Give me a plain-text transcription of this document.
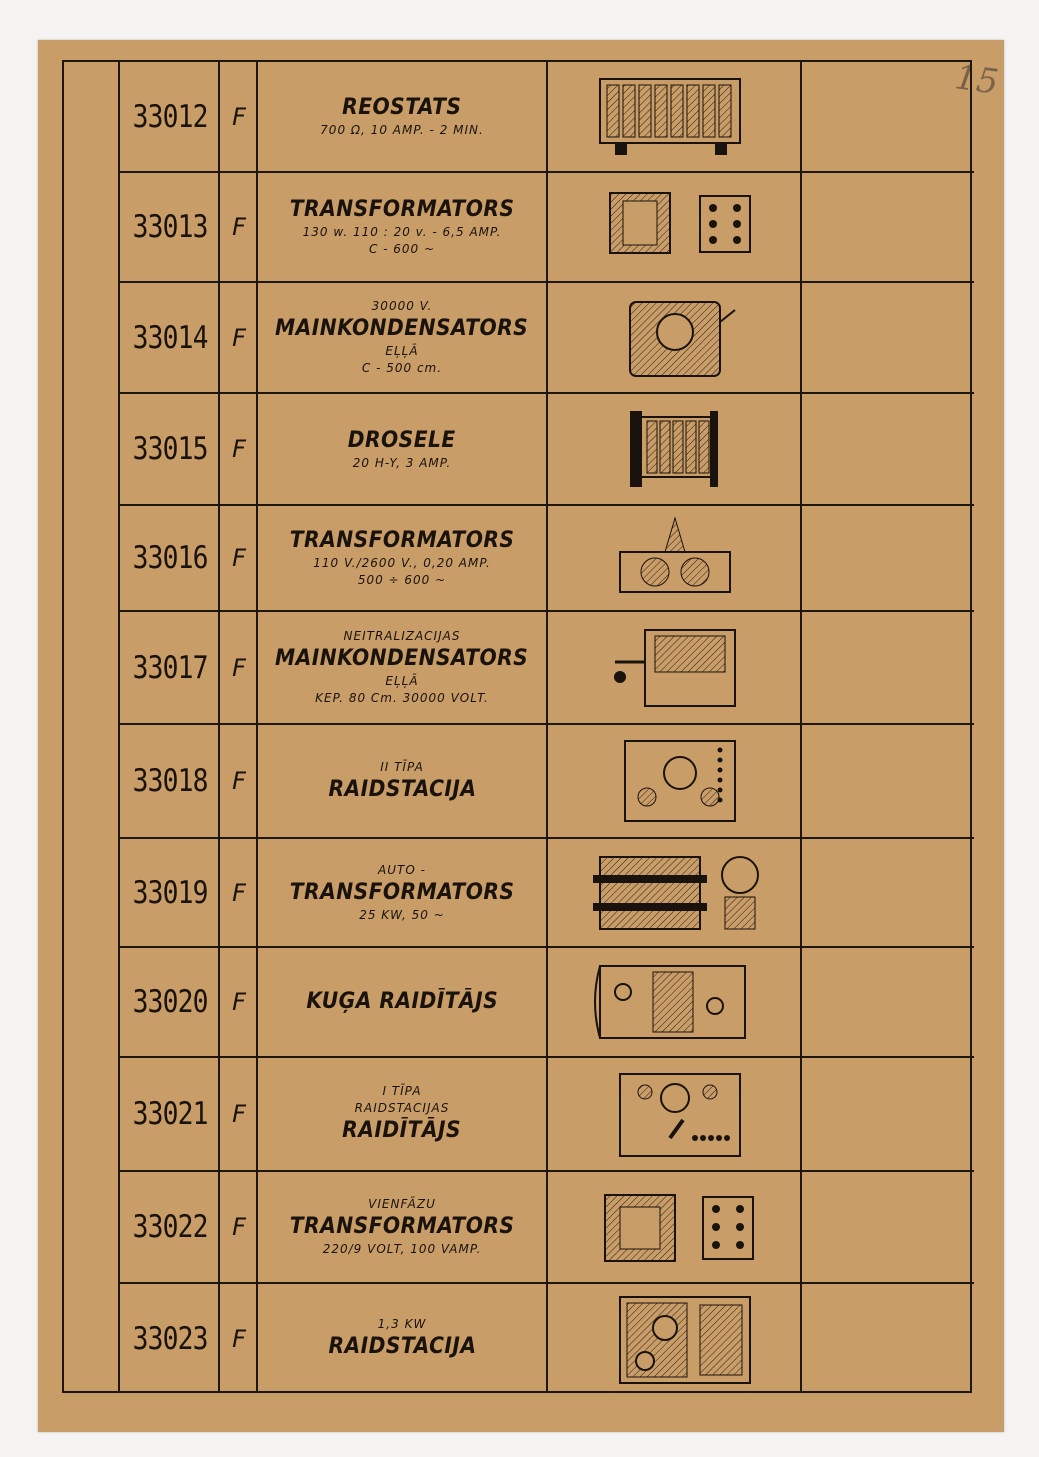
15
33012 F	REOSTATS
700 Ω, 10 AMP. - 2 MIN.
33013 F
TRANSFORMATORS
130 w. 110 : 20 v. - 6,5 AMP.
C - 600 ~
33014 F
30000 V.
MAINKONDENSATORS
EĻĻĀ
C - 500 cm.
33015 F	DROSELE
20 H-Y, 3 AMP.
33016 F
TRANSFORMATORS
110 V./2600 V., 0,20 AMP.
500 ÷ 600 ~
33017 F
NEITRALIZACIJAS
MAINKONDENSATORS
EĻĻĀ
KEP. 80 Cm. 30000 VOLT.
33018 F
II TĪPA
RAIDSTACIJA
33019 F
AUTO -
TRANSFORMATORS
25 KW, 50 ~
33020 F	KUĢA RAIDĪTĀJS
33021 F
I TĪPA
RAIDSTACIJAS
RAIDĪTĀJS
33022 F
VIENFĀZU
TRANSFORMATORS
220/9 VOLT, 100 VAMP.
33023 F
1,3 KW
RAIDSTACIJA
